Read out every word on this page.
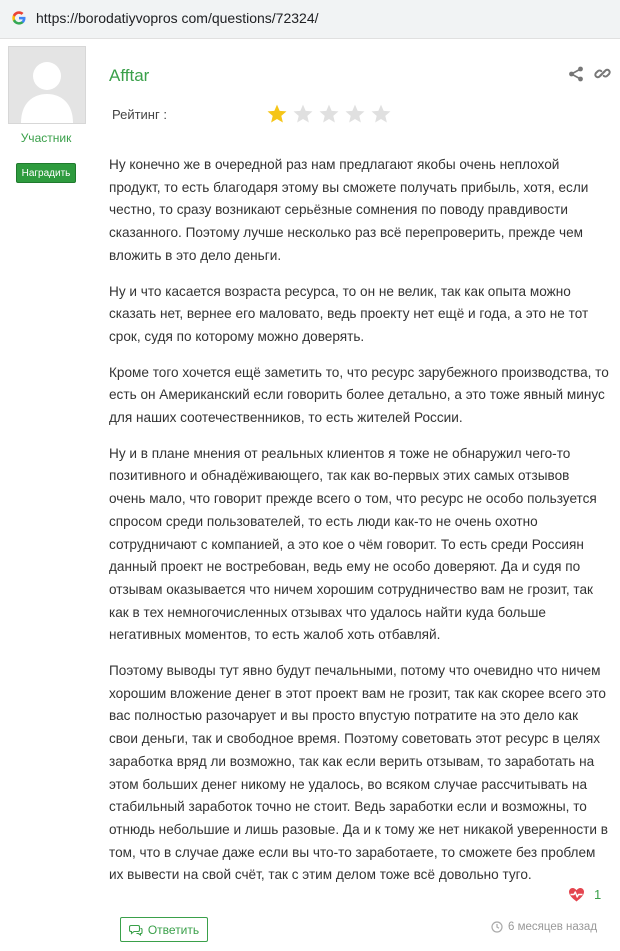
https://borodatiyvopros com/questions/72324/
Участник
Наградить
Afftar
Рейтинг :

Ну конечно же в очередной раз нам предлагают якобы очень неплохой продукт, то есть благодаря этому вы сможете получать прибыль, хотя, если честно, то сразу возникают серьёзные сомнения по поводу правдивости сказанного. Поэтому лучше несколько раз всё перепроверить, прежде чем вложить в это дело деньги.

Ну и что касается возраста ресурса, то он не велик, так как опыта можно сказать нет, вернее его маловато, ведь проекту нет ещё и года, а это не тот срок, судя по которому можно доверять.

Кроме того хочется ещё заметить то, что ресурс зарубежного производства, то есть он Американский если говорить более детально, а это тоже явный минус для наших соотечественников, то есть жителей России.

Ну и в плане мнения от реальных клиентов я тоже не обнаружил чего-то позитивного и обнадёживающего, так как во-первых этих самых отзывов очень мало, что говорит прежде всего о том, что ресурс не особо пользуется спросом среди пользователей, то есть люди как-то не очень охотно сотрудничают с компанией, а это кое о чём говорит. То есть среди Россиян данный проект не востребован, ведь ему не особо доверяют. Да и судя по отзывам оказывается что ничем хорошим сотрудничество вам не грозит, так как в тех немногочисленных отзывах что удалось найти куда больше негативных моментов, то есть жалоб хоть отбавляй.

Поэтому выводы тут явно будут печальными, потому что очевидно что ничем хорошим вложение денег в этот проект вам не грозит, так как скорее всего это вас полностью разочарует и вы просто впустую потратите на это дело как свои деньги, так и свободное время. Поэтому советовать этот ресурс в целях заработка вряд ли возможно, так как если верить отзывам, то заработать на этом больших денег никому не удалось, во всяком случае рассчитывать на стабильный заработок точно не стоит. Ведь заработки если и возможны, то отнюдь небольшие и лишь разовые. Да и к тому же нет никакой уверенности в том, что в случае даже если вы что-то заработаете, то сможете без проблем их вывести на свой счёт, так с этим делом тоже всё довольно туго.

1
Ответить	6 месяцев назад
